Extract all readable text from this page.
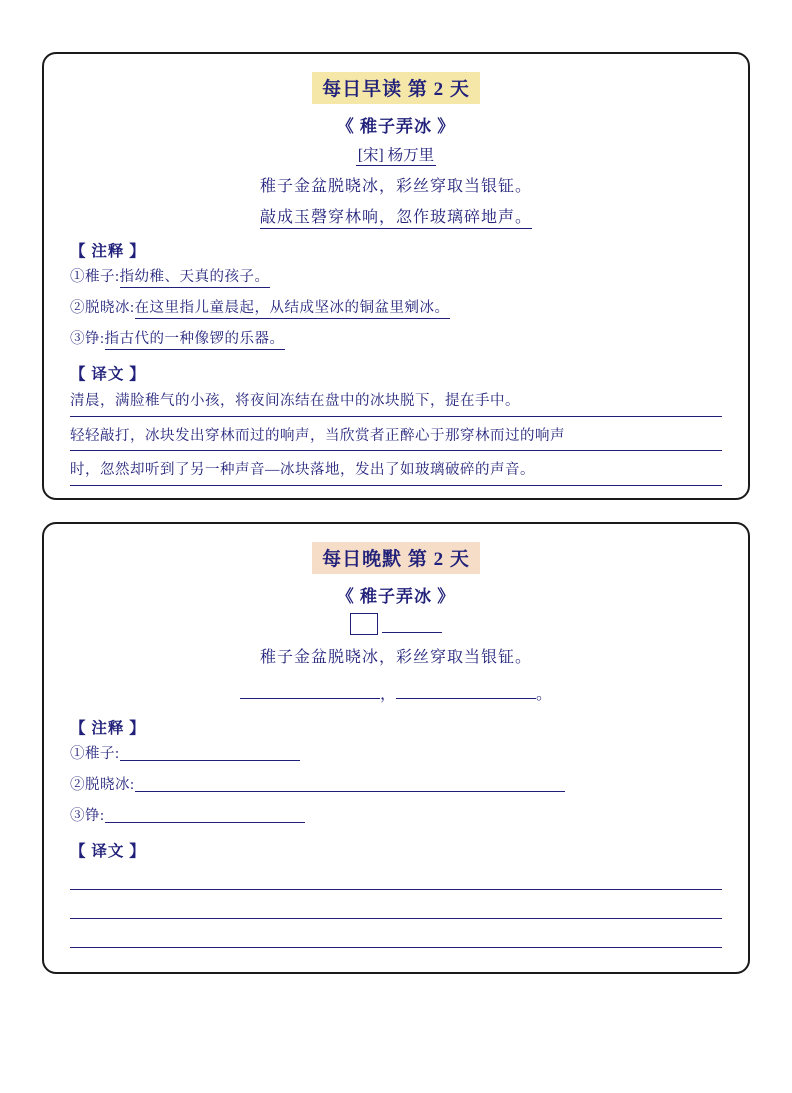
每日早读 第 2 天
《 稚子弄冰 》
[宋] 杨万里
稚子金盆脱晓冰，彩丝穿取当银钲。
敲成玉磬穿林响，忽作玻璃碎地声。
【 注释 】
①稚子:指幼稚、天真的孩子。
②脱晓冰:在这里指儿童晨起，从结成坚冰的铜盆里剜冰。
③铮:指古代的一种像锣的乐器。
【 译文 】
清晨，满脸稚气的小孩，将夜间冻结在盘中的冰块脱下，提在手中。
轻轻敲打，冰块发出穿林而过的响声，当欣赏者正醉心于那穿林而过的响声
时，忽然却听到了另一种声音—冰块落地，发出了如玻璃破碎的声音。
每日晚默 第 2 天
《 稚子弄冰 》
稚子金盆脱晓冰，彩丝穿取当银钲。
，	。
【 注释 】
①稚子:
②脱晓冰:
③铮:
【 译文 】
